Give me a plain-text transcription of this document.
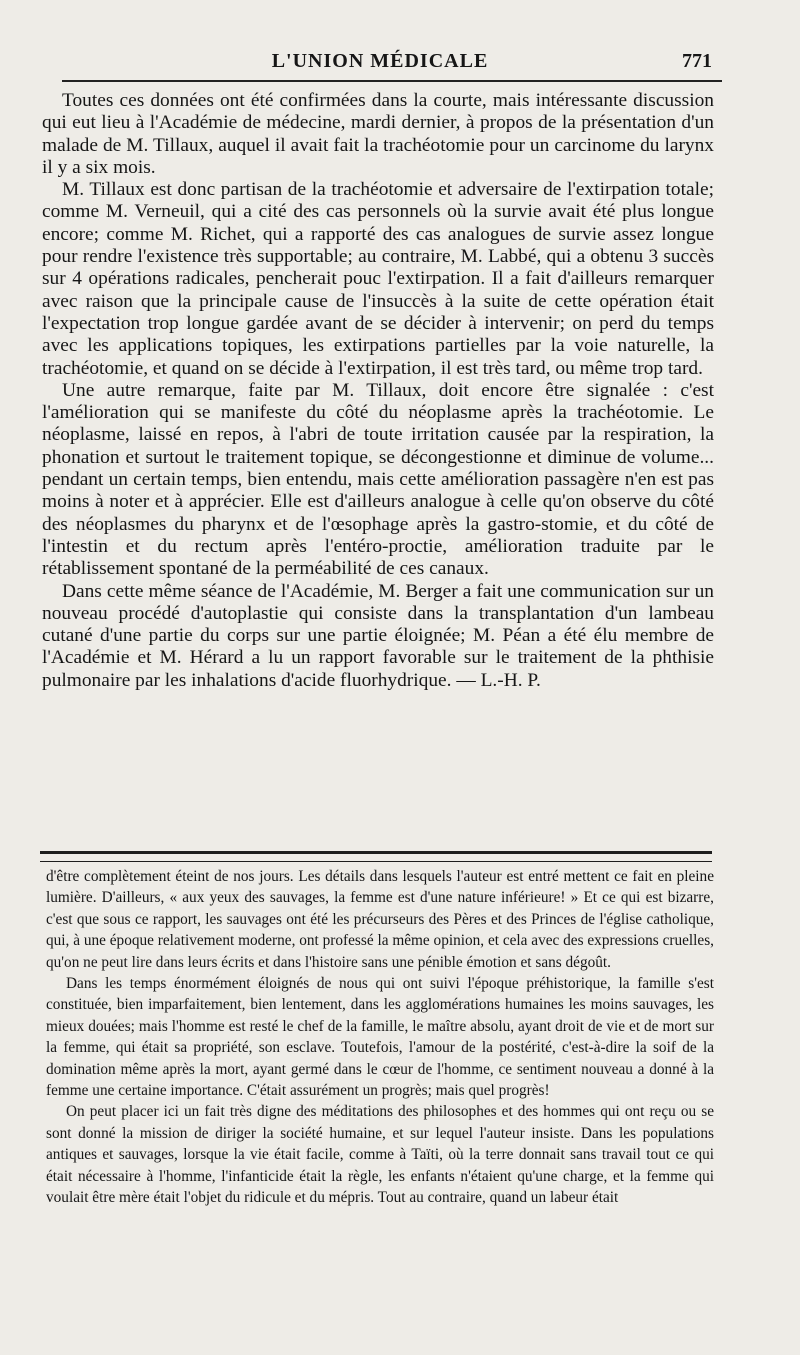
L'UNION MÉDICALE	771

Toutes ces données ont été confirmées dans la courte, mais intéressante discussion qui eut lieu à l'Académie de médecine, mardi dernier, à propos de la présentation d'un malade de M. Tillaux, auquel il avait fait la trachéotomie pour un carcinome du larynx il y a six mois.

M. Tillaux est donc partisan de la trachéotomie et adversaire de l'extirpation totale; comme M. Verneuil, qui a cité des cas personnels où la survie avait été plus longue encore; comme M. Richet, qui a rapporté des cas analogues de survie assez longue pour rendre l'existence très supportable; au contraire, M. Labbé, qui a obtenu 3 succès sur 4 opérations radicales, pencherait pouc l'extirpation. Il a fait d'ailleurs remarquer avec raison que la principale cause de l'insuccès à la suite de cette opération était l'expectation trop longue gardée avant de se décider à intervenir; on perd du temps avec les applications topiques, les extirpations partielles par la voie naturelle, la trachéotomie, et quand on se décide à l'extirpation, il est très tard, ou même trop tard.

Une autre remarque, faite par M. Tillaux, doit encore être signalée : c'est l'amélioration qui se manifeste du côté du néoplasme après la trachéotomie. Le néoplasme, laissé en repos, à l'abri de toute irritation causée par la respiration, la phonation et surtout le traitement topique, se décongestionne et diminue de volume... pendant un certain temps, bien entendu, mais cette amélioration passagère n'en est pas moins à noter et à apprécier. Elle est d'ailleurs analogue à celle qu'on observe du côté des néoplasmes du pharynx et de l'œsophage après la gastro-stomie, et du côté de l'intestin et du rectum après l'entéro-proctie, amélioration traduite par le rétablissement spontané de la perméabilité de ces canaux.

Dans cette même séance de l'Académie, M. Berger a fait une communication sur un nouveau procédé d'autoplastie qui consiste dans la transplantation d'un lambeau cutané d'une partie du corps sur une partie éloignée; M. Péan a été élu membre de l'Académie et M. Hérard a lu un rapport favorable sur le traitement de la phthisie pulmonaire par les inhalations d'acide fluorhydrique. — L.-H. P.

d'être complètement éteint de nos jours. Les détails dans lesquels l'auteur est entré mettent ce fait en pleine lumière. D'ailleurs, « aux yeux des sauvages, la femme est d'une nature inférieure! » Et ce qui est bizarre, c'est que sous ce rapport, les sauvages ont été les précurseurs des Pères et des Princes de l'église catholique, qui, à une époque relativement moderne, ont professé la même opinion, et cela avec des expressions cruelles, qu'on ne peut lire dans leurs écrits et dans l'histoire sans une pénible émotion et sans dégoût.

Dans les temps énormément éloignés de nous qui ont suivi l'époque préhistorique, la famille s'est constituée, bien imparfaitement, bien lentement, dans les agglomérations humaines les moins sauvages, les mieux douées; mais l'homme est resté le chef de la famille, le maître absolu, ayant droit de vie et de mort sur la femme, qui était sa propriété, son esclave. Toutefois, l'amour de la postérité, c'est-à-dire la soif de la domination même après la mort, ayant germé dans le cœur de l'homme, ce sentiment nouveau a donné à la femme une certaine importance. C'était assurément un progrès; mais quel progrès!

On peut placer ici un fait très digne des méditations des philosophes et des hommes qui ont reçu ou se sont donné la mission de diriger la société humaine, et sur lequel l'auteur insiste. Dans les populations antiques et sauvages, lorsque la vie était facile, comme à Taïti, où la terre donnait sans travail tout ce qui était nécessaire à l'homme, l'infanticide était la règle, les enfants n'étaient qu'une charge, et la femme qui voulait être mère était l'objet du ridicule et du mépris. Tout au contraire, quand un labeur était
